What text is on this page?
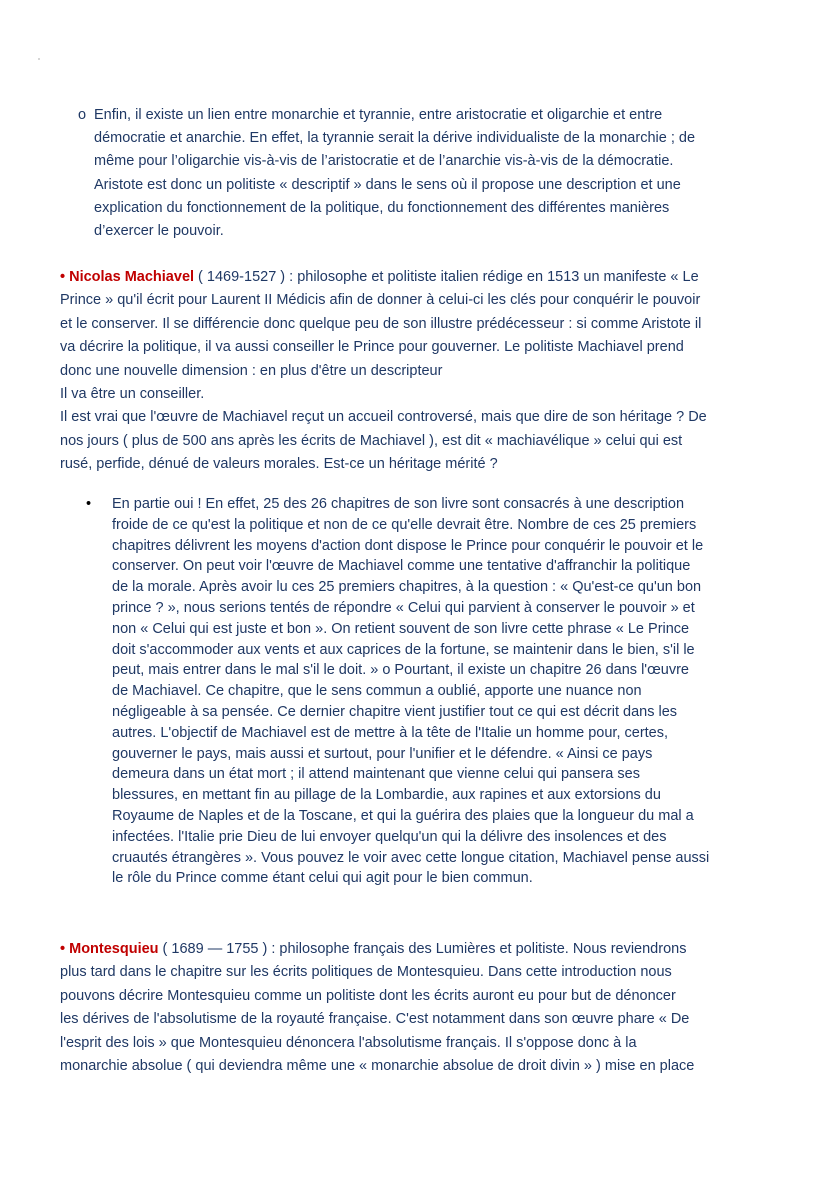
o Enfin, il existe un lien entre monarchie et tyrannie, entre aristocratie et oligarchie et entre
démocratie et anarchie. En effet, la tyrannie serait la dérive individualiste de la monarchie ; de
même pour l’oligarchie vis-à-vis de l’aristocratie et de l’anarchie vis-à-vis de la démocratie.
Aristote est donc un politiste « descriptif » dans le sens où il propose une description et une
explication du fonctionnement de la politique, du fonctionnement des différentes manières
d’exercer le pouvoir.
• Nicolas Machiavel ( 1469-1527 ) : philosophe et politiste italien rédige en 1513 un manifeste « Le
Prince » qu'il écrit pour Laurent II Médicis afin de donner à celui-ci les clés pour conquérir le pouvoir
et le conserver. Il se différencie donc quelque peu de son illustre prédécesseur : si comme Aristote il
va décrire la politique, il va aussi conseiller le Prince pour gouverner. Le politiste Machiavel prend
donc une nouvelle dimension : en plus d'être un descripteur
Il va être un conseiller.
Il est vrai que l'œuvre de Machiavel reçut un accueil controversé, mais que dire de son héritage ? De
nos jours ( plus de 500 ans après les écrits de Machiavel ), est dit « machiavélique » celui qui est
rusé, perfide, dénué de valeurs morales. Est-ce un héritage mérité ?
•	En partie oui ! En effet, 25 des 26 chapitres de son livre sont consacrés à une description
froide de ce qu'est la politique et non de ce qu'elle devrait être. Nombre de ces 25 premiers
chapitres délivrent les moyens d'action dont dispose le Prince pour conquérir le pouvoir et le
conserver. On peut voir l'œuvre de Machiavel comme une tentative d'affranchir la politique
de la morale. Après avoir lu ces 25 premiers chapitres, à la question : « Qu'est-ce qu'un bon
prince ? », nous serions tentés de répondre « Celui qui parvient à conserver le pouvoir » et
non « Celui qui est juste et bon ». On retient souvent de son livre cette phrase « Le Prince
doit s'accommoder aux vents et aux caprices de la fortune, se maintenir dans le bien, s'il le
peut, mais entrer dans le mal s'il le doit. » o Pourtant, il existe un chapitre 26 dans l'œuvre
de Machiavel. Ce chapitre, que le sens commun a oublié, apporte une nuance non
négligeable à sa pensée. Ce dernier chapitre vient justifier tout ce qui est décrit dans les
autres. L'objectif de Machiavel est de mettre à la tête de l'Italie un homme pour, certes,
gouverner le pays, mais aussi et surtout, pour l'unifier et le défendre. « Ainsi ce pays
demeura dans un état mort ; il attend maintenant que vienne celui qui pansera ses
blessures, en mettant fin au pillage de la Lombardie, aux rapines et aux extorsions du
Royaume de Naples et de la Toscane, et qui la guérira des plaies que la longueur du mal a
infectées. l'Italie prie Dieu de lui envoyer quelqu'un qui la délivre des insolences et des
cruautés étrangères ». Vous pouvez le voir avec cette longue citation, Machiavel pense aussi
le rôle du Prince comme étant celui qui agit pour le bien commun.
• Montesquieu ( 1689 — 1755 ) : philosophe français des Lumières et politiste. Nous reviendrons
plus tard dans le chapitre sur les écrits politiques de Montesquieu. Dans cette introduction nous
pouvons décrire Montesquieu comme un politiste dont les écrits auront eu pour but de dénoncer
les dérives de l'absolutisme de la royauté française. C'est notamment dans son œuvre phare « De
l'esprit des lois » que Montesquieu dénoncera l'absolutisme français. Il s'oppose donc à la
monarchie absolue ( qui deviendra même une « monarchie absolue de droit divin » ) mise en place
